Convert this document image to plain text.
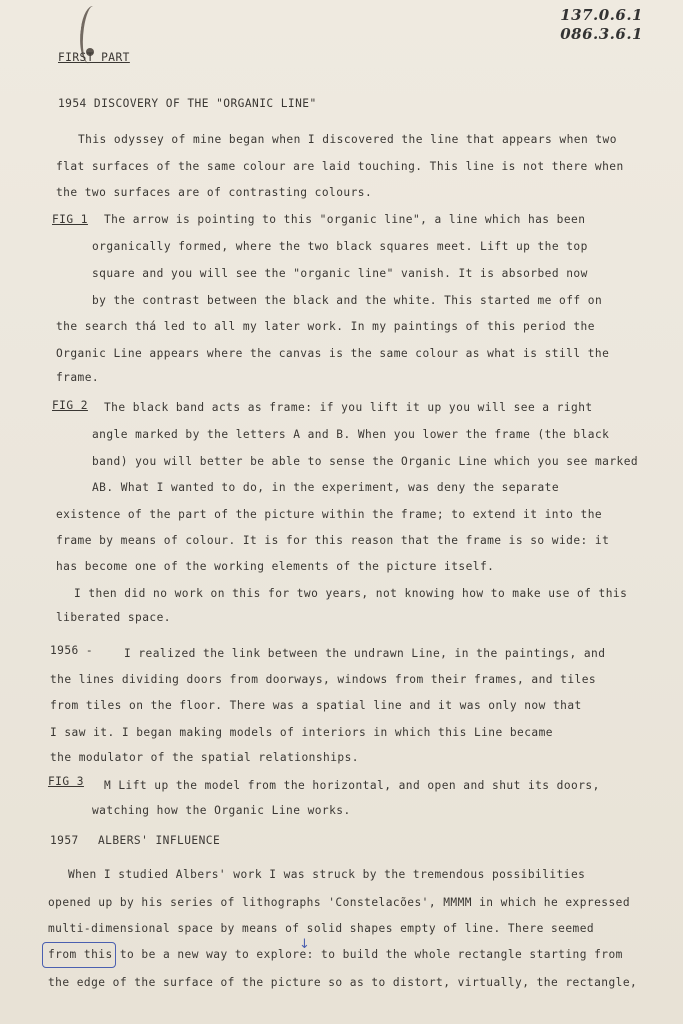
137.0.6.1
086.3.6.1
FIRST PART
1954 DISCOVERY OF THE "ORGANIC LINE"
This odyssey of mine began when I discovered the line that appears when two
flat surfaces of the same colour are laid touching. This line is not there when
the two surfaces are of contrasting colours.
FIG 1 The arrow is pointing to this "organic line", a line which has been
organically formed, where the two black squares meet. Lift up the top
square and you will see the "organic line" vanish. It is absorbed now
by the contrast between the black and the white. This started me off on
the search thá led to all my later work. In my paintings of this period the
Organic Line appears where the canvas is the same colour as what is still the
frame.
FIG 2 The black band acts as frame: if you lift it up you will see a right
angle marked by the letters A and B. When you lower the frame (the black
band) you will better be able to sense the Organic Line which you see marked
AB. What I wanted to do, in the experiment, was deny the separate
existence of the part of the picture within the frame; to extend it into the
frame by means of colour. It is for this reason that the frame is so wide: it
has become one of the working elements of the picture itself.
I then did no work on this for two years, not knowing how to make use of this
liberated space.
1956 -	I realized the link between the undrawn Line, in the paintings, and
the lines dividing doors from doorways, windows from their frames, and tiles
from tiles on the floor. There was a spatial line and it was only now that
I saw it. I began making models of interiors in which this Line became
the modulator of the spatial relationships.
FIG 3 M Lift up the model from the horizontal, and open and shut its doors,
watching how the Organic Line works.
1957 ALBERS' INFLUENCE
When I studied Albers' work I was struck by the tremendous possibilities
opened up by his series of lithographs 'Constelacões', MMMM in which he expressed
multi-dimensional space by means of solid shapes empty of line. There seemed
from this to be a new way to explore: to build the whole rectangle starting from
the edge of the surface of the picture so as to distort, virtually, the rectangle,
↓
